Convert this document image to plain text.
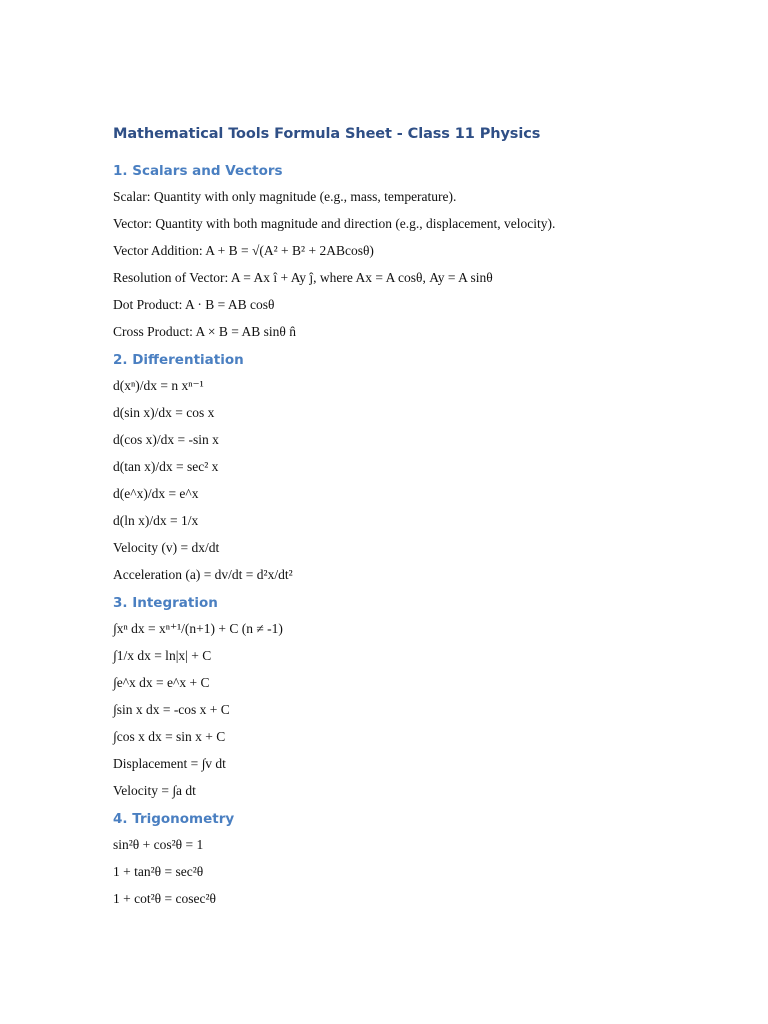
Mathematical Tools Formula Sheet - Class 11 Physics
1. Scalars and Vectors

Scalar: Quantity with only magnitude (e.g., mass, temperature).

Vector: Quantity with both magnitude and direction (e.g., displacement, velocity).

Vector Addition: A + B = √(A² + B² + 2ABcosθ)

Resolution of Vector: A = Ax î + Ay ĵ, where Ax = A cosθ, Ay = A sinθ

Dot Product: A · B = AB cosθ

Cross Product: A × B = AB sinθ n̂

2. Differentiation

d(xⁿ)/dx = n xⁿ⁻¹

d(sin x)/dx = cos x

d(cos x)/dx = -sin x

d(tan x)/dx = sec² x

d(e^x)/dx = e^x

d(ln x)/dx = 1/x

Velocity (v) = dx/dt

Acceleration (a) = dv/dt = d²x/dt²

3. Integration

∫xⁿ dx = xⁿ⁺¹/(n+1) + C (n ≠ -1)

∫1/x dx = ln|x| + C

∫e^x dx = e^x + C

∫sin x dx = -cos x + C

∫cos x dx = sin x + C

Displacement = ∫v dt

Velocity = ∫a dt

4. Trigonometry

sin²θ + cos²θ = 1

1 + tan²θ = sec²θ

1 + cot²θ = cosec²θ
